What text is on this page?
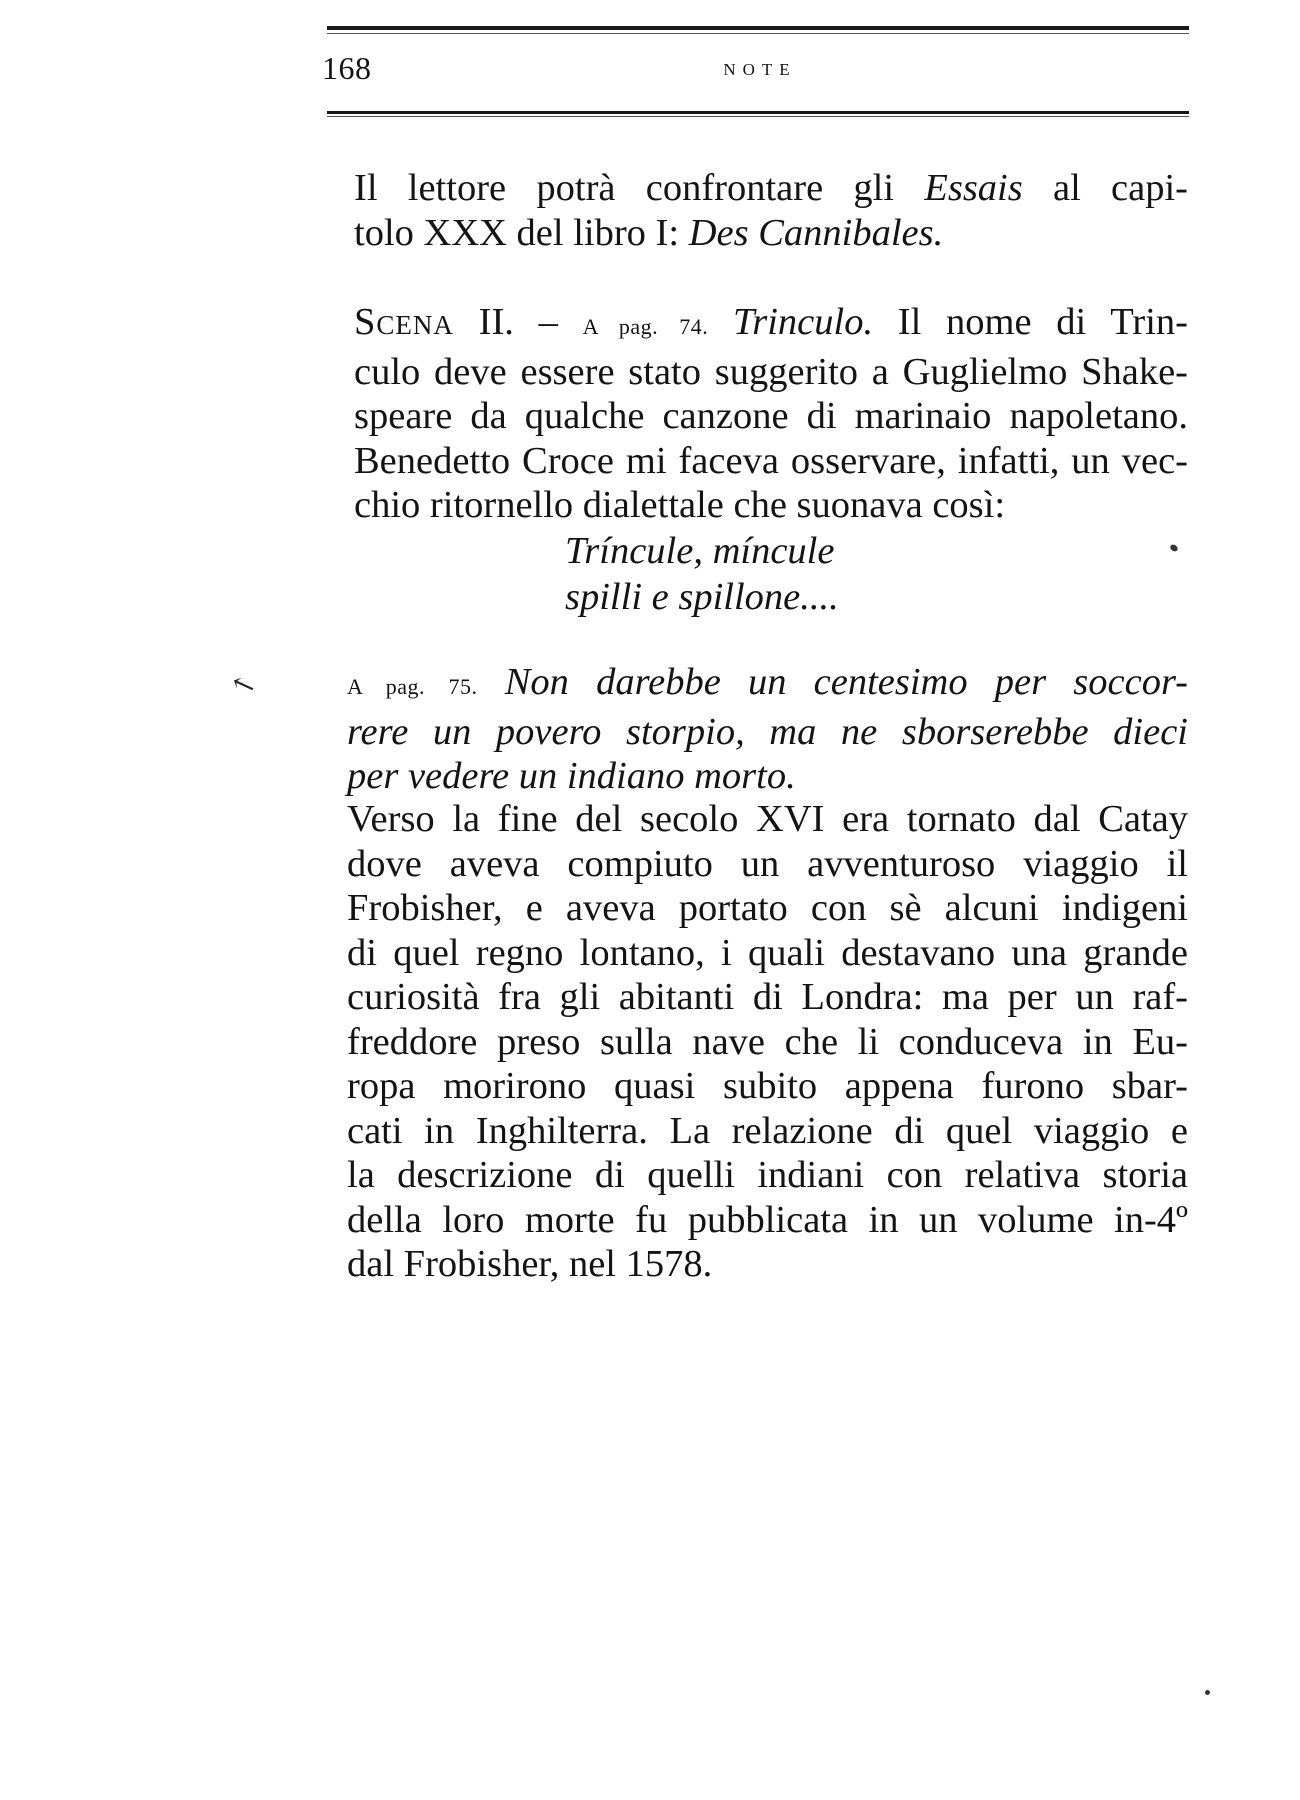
168	NOTE
Il lettore potrà confrontare gli Essais al capi-
tolo XXX del libro I: Des Cannibales.
Scena II. – A pag. 74. Trinculo. Il nome di Trin-
culo deve essere stato suggerito a Guglielmo Shake-
speare da qualche canzone di marinaio napoletano.
Benedetto Croce mi faceva osservare, infatti, un vec-
chio ritornello dialettale che suonava così:
Tríncule, míncule
spilli e spillone....
↖	A pag. 75. Non darebbe un centesimo per soccor-
rere un povero storpio, ma ne sborserebbe dieci
per vedere un indiano morto.
Verso la fine del secolo XVI era tornato dal Catay
dove aveva compiuto un avventuroso viaggio il
Frobisher, e aveva portato con sè alcuni indigeni
di quel regno lontano, i quali destavano una grande
curiosità fra gli abitanti di Londra: ma per un raf-
freddore preso sulla nave che li conduceva in Eu-
ropa morirono quasi subito appena furono sbar-
cati in Inghilterra. La relazione di quel viaggio e
la descrizione di quelli indiani con relativa storia
della loro morte fu pubblicata in un volume in-4º
dal Frobisher, nel 1578.
